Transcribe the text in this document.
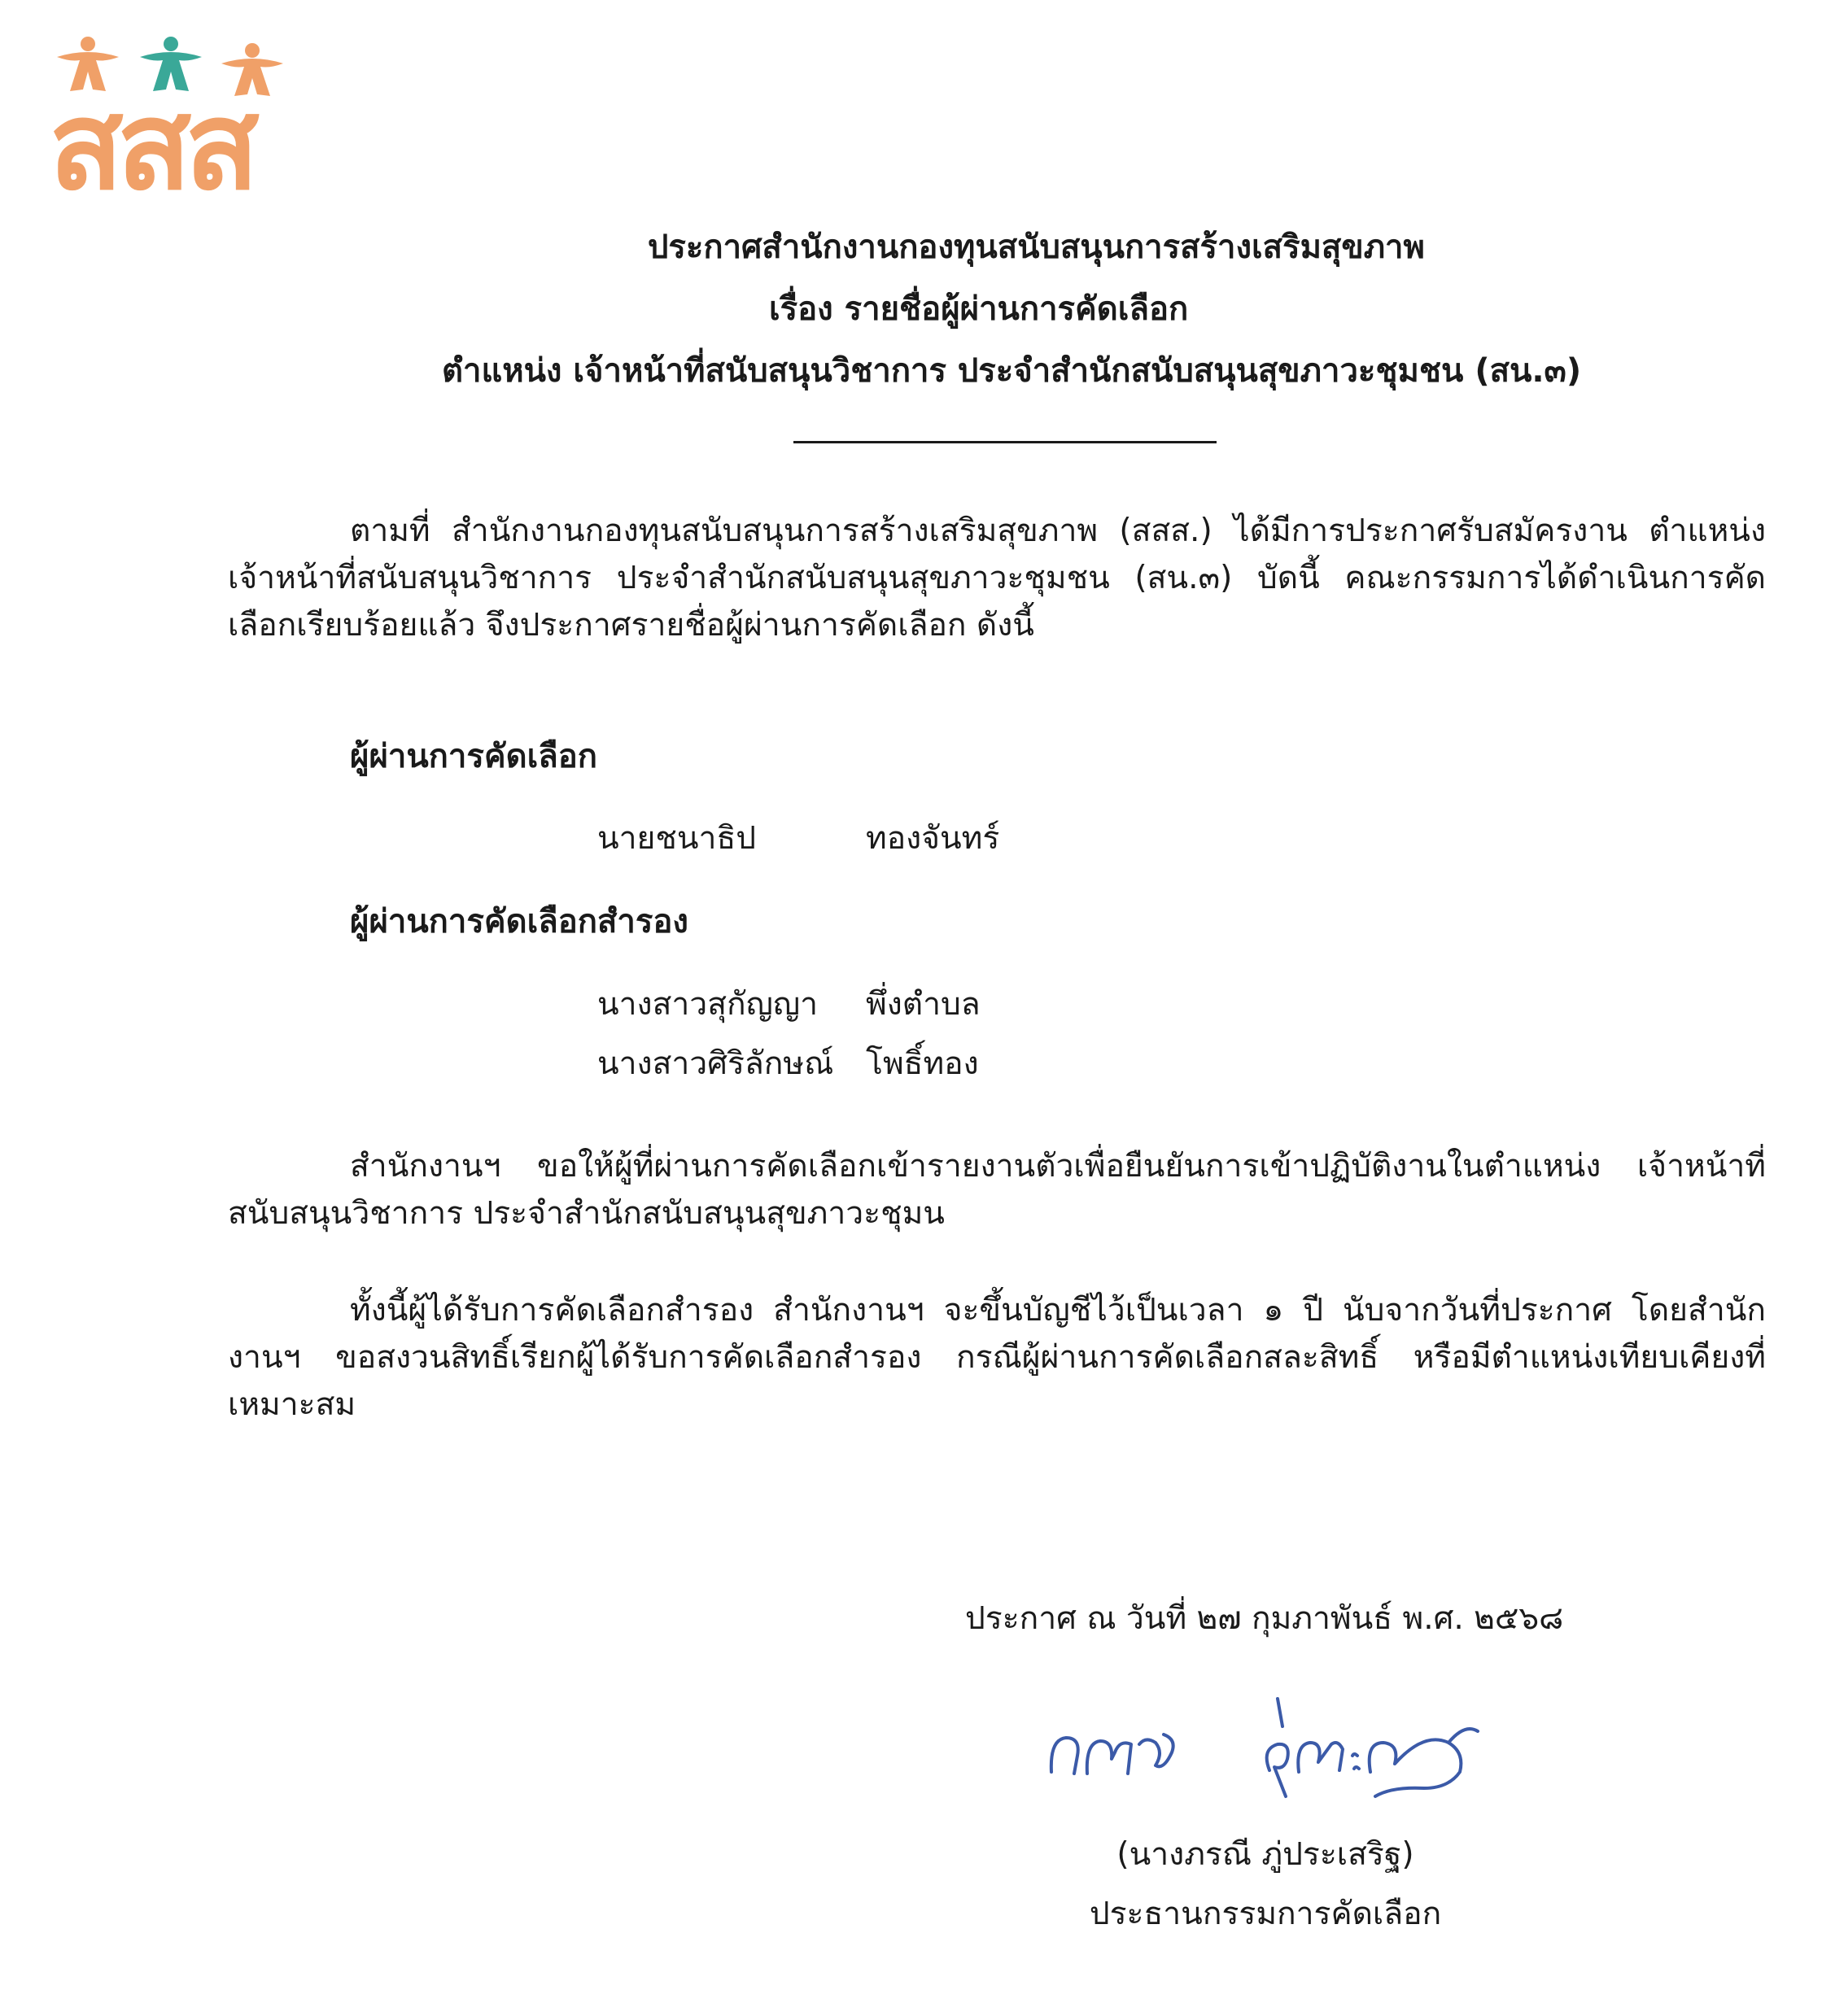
สสส
ประกาศสำนักงานกองทุนสนับสนุนการสร้างเสริมสุขภาพ
เรื่อง รายชื่อผู้ผ่านการคัดเลือก
ตำแหน่ง เจ้าหน้าที่สนับสนุนวิชาการ ประจำสำนักสนับสนุนสุขภาวะชุมชน (สน.๓)
ตามที่ สำนักงานกองทุนสนับสนุนการสร้างเสริมสุขภาพ (สสส.) ได้มีการประกาศรับสมัครงาน ตำแหน่ง เจ้าหน้าที่สนับสนุนวิชาการ ประจำสำนักสนับสนุนสุขภาวะชุมชน (สน.๓) บัดนี้ คณะกรรมการได้ดำเนินการคัดเลือกเรียบร้อยแล้ว จึงประกาศรายชื่อผู้ผ่านการคัดเลือก ดังนี้
ผู้ผ่านการคัดเลือก
นายชนาธิป	ทองจันทร์
ผู้ผ่านการคัดเลือกสำรอง
นางสาวสุกัญญา พึ่งตำบล
นางสาวศิริลักษณ์ โพธิ์ทอง
สำนักงานฯ ขอให้ผู้ที่ผ่านการคัดเลือกเข้ารายงานตัวเพื่อยืนยันการเข้าปฏิบัติงานในตำแหน่ง เจ้าหน้าที่สนับสนุนวิชาการ ประจำสำนักสนับสนุนสุขภาวะชุมน
ทั้งนี้ผู้ได้รับการคัดเลือกสำรอง สำนักงานฯ จะขึ้นบัญชีไว้เป็นเวลา ๑ ปี นับจากวันที่ประกาศ โดยสำนักงานฯ ขอสงวนสิทธิ์เรียกผู้ได้รับการคัดเลือกสำรอง กรณีผู้ผ่านการคัดเลือกสละสิทธิ์ หรือมีตำแหน่งเทียบเคียงที่เหมาะสม
ประกาศ ณ วันที่ ๒๗ กุมภาพันธ์ พ.ศ. ๒๕๖๘
(นางภรณี ภู่ประเสริฐ)
ประธานกรรมการคัดเลือก
